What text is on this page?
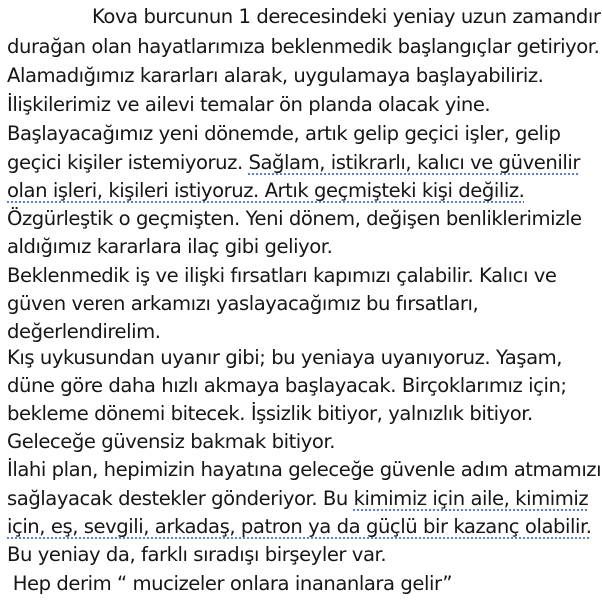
Kova burcunun 1 derecesindeki yeniay uzun zamandır
durağan olan hayatlarımıza beklenmedik başlangıçlar getiriyor.
Alamadığımız kararları alarak, uygulamaya başlayabiliriz.
İlişkilerimiz ve ailevi temalar ön planda olacak yine.
Başlayacağımız yeni dönemde, artık gelip geçici işler, gelip
geçici kişiler istemiyoruz. Sağlam, istikrarlı, kalıcı ve güvenilir
olan işleri, kişileri istiyoruz. Artık geçmişteki kişi değiliz.
Özgürleştik o geçmişten. Yeni dönem, değişen benliklerimizle
aldığımız kararlara ilaç gibi geliyor.
Beklenmedik iş ve ilişki fırsatları kapımızı çalabilir. Kalıcı ve
güven veren arkamızı yaslayacağımız bu fırsatları,
değerlendirelim.
Kış uykusundan uyanır gibi; bu yeniaya uyanıyoruz. Yaşam,
düne göre daha hızlı akmaya başlayacak. Birçoklarımız için;
bekleme dönemi bitecek. İşsizlik bitiyor, yalnızlık bitiyor.
Geleceğe güvensiz bakmak bitiyor.
İlahi plan, hepimizin hayatına geleceğe güvenle adım atmamızı
sağlayacak destekler gönderiyor. Bu kimimiz için aile, kimimiz
için, eş, sevgili, arkadaş, patron ya da güçlü bir kazanç olabilir.
Bu yeniay da, farklı sıradışı birşeyler var.
Hep derim “ mucizeler onlara inananlara gelir”
